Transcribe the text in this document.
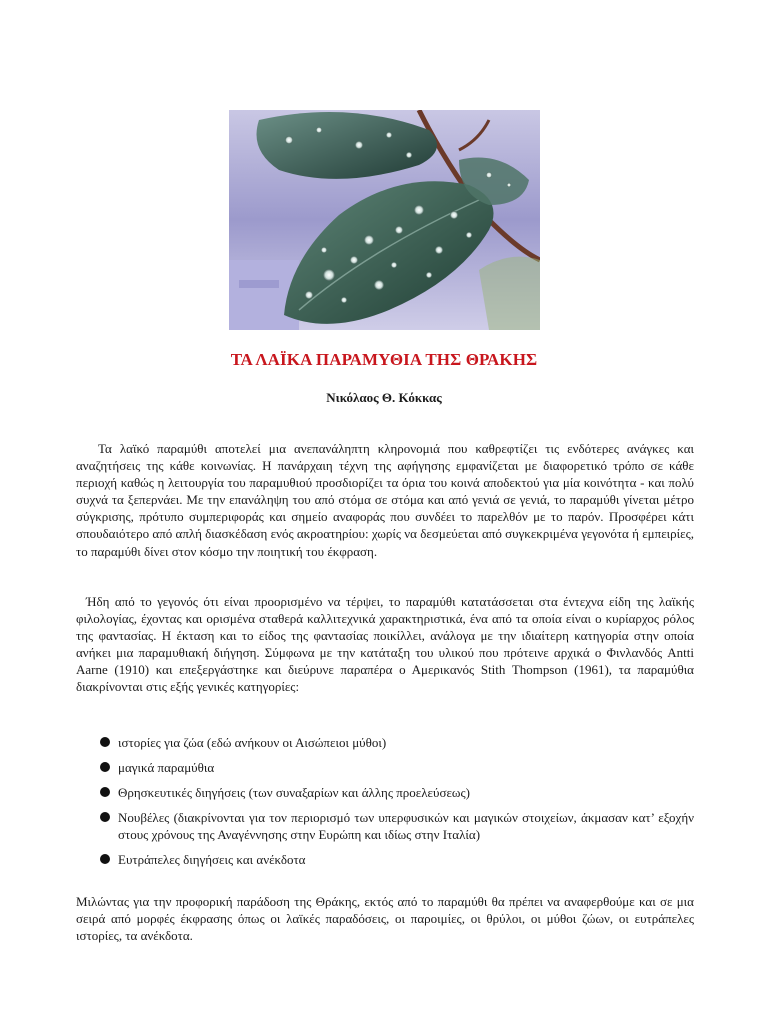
ΤΑ ΛΑΪΚΑ ΠΑΡΑΜΥΘΙΑ ΤΗΣ ΘΡΑΚΗΣ
Νικόλαος Θ. Κόκκας

Τα λαϊκό παραμύθι αποτελεί μια ανεπανάληπτη κληρονομιά που καθρεφτίζει τις ενδότερες ανάγκες και αναζητήσεις της κάθε κοινωνίας. Η πανάρχαιη τέχνη της αφήγησης εμφανίζεται με διαφορετικό τρόπο σε κάθε περιοχή καθώς η λειτουργία του παραμυθιού προσδιορίζει τα όρια του κοινά αποδεκτού για μία κοινότητα - και πολύ συχνά τα ξεπερνάει. Με την επανάληψη του από στόμα σε στόμα και από γενιά σε γενιά, το παραμύθι γίνεται μέτρο σύγκρισης, πρότυπο συμπεριφοράς και σημείο αναφοράς που συνδέει το παρελθόν με το παρόν. Προσφέρει κάτι σπουδαιότερο από απλή διασκέδαση ενός ακροατηρίου: χωρίς να δεσμεύεται από συγκεκριμένα γεγονότα ή εμπειρίες, το παραμύθι δίνει στον κόσμο την ποιητική του έκφραση.

Ήδη από το γεγονός ότι είναι προορισμένο να τέρψει, το παραμύθι κατατάσσεται στα έντεχνα είδη της λαϊκής φιλολογίας, έχοντας και ορισμένα σταθερά καλλιτεχνικά χαρακτηριστικά, ένα από τα οποία είναι ο κυρίαρχος ρόλος της φαντασίας. Η έκταση και το είδος της φαντασίας ποικίλλει, ανάλογα με την ιδιαίτερη κατηγορία στην οποία ανήκει μια παραμυθιακή διήγηση. Σύμφωνα με την κατάταξη του υλικού που πρότεινε αρχικά ο Φινλανδός Antti Aarne (1910) και επεξεργάστηκε και διεύρυνε παραπέρα ο Αμερικανός Stith Thompson (1961), τα παραμύθια διακρίνονται στις εξής γενικές κατηγορίες:

ιστορίες για ζώα (εδώ ανήκουν οι Αισώπειοι μύθοι)
μαγικά παραμύθια
Θρησκευτικές διηγήσεις (των συναξαρίων και άλλης προελεύσεως)
Νουβέλες (διακρίνονται για τον περιορισμό των υπερφυσικών και μαγικών στοιχείων, άκμασαν κατ’ εξοχήν στους χρόνους της Αναγέννησης στην Ευρώπη και ιδίως στην Ιταλία)
Ευτράπελες διηγήσεις και ανέκδοτα

Μιλώντας για την προφορική παράδοση της Θράκης, εκτός από το παραμύθι θα πρέπει να αναφερθούμε και σε μια σειρά από μορφές έκφρασης όπως οι λαϊκές παραδόσεις, οι παροιμίες, οι θρύλοι, οι μύθοι ζώων, οι ευτράπελες ιστορίες, τα ανέκδοτα.
